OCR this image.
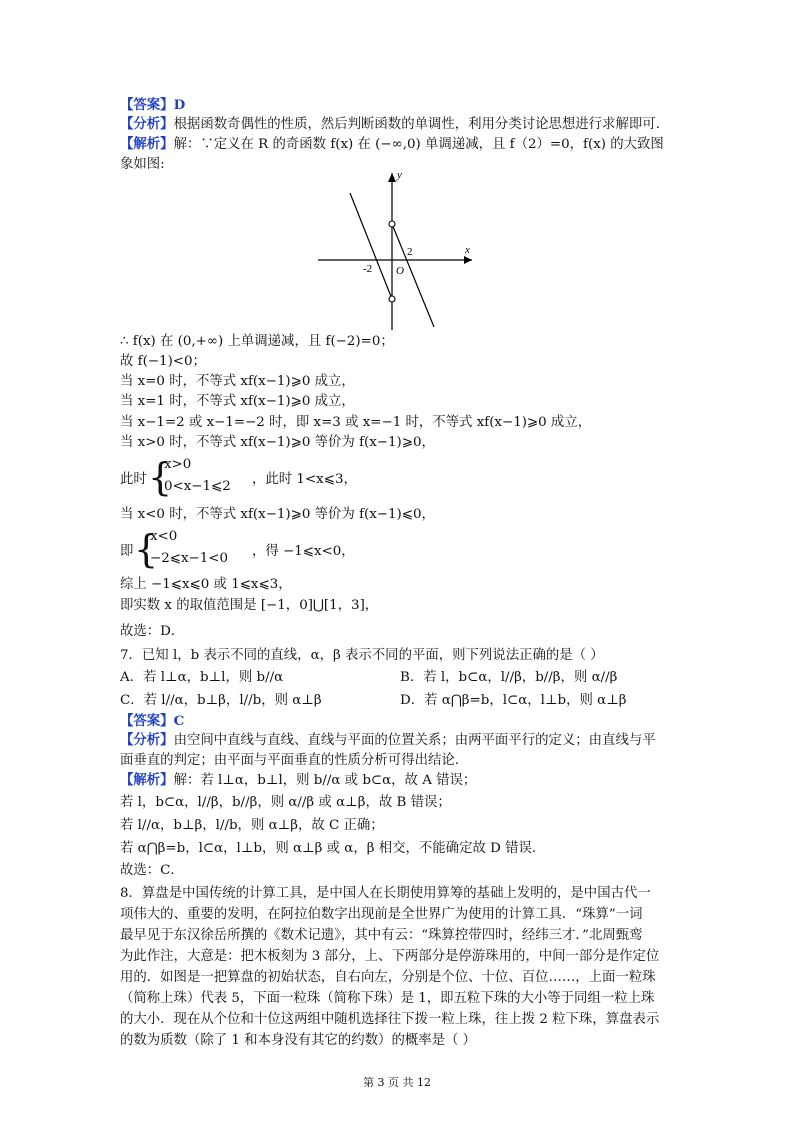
【答案】D
【分析】根据函数奇偶性的性质，然后判断函数的单调性，利用分类讨论思想进行求解即可.
【解析】解：∵定义在 R 的奇函数 f(x) 在 (−∞,0) 单调递减，且 f（2）=0，f(x) 的大致图
象如图:
y
x
O
2
-2
∴ f(x) 在 (0,+∞) 上单调递减，且 f(−2)=0；
故 f(−1)<0；
当 x=0 时，不等式 xf(x−1)⩾0 成立，
当 x=1 时，不等式 xf(x−1)⩾0 成立，
当 x−1=2 或 x−1=−2 时，即 x=3 或 x=−1 时，不等式 xf(x−1)⩾0 成立，
当 x>0 时，不等式 xf(x−1)⩾0 等价为 f(x−1)⩾0，
此时 {
x>0
0<x−1⩽2 ，此时 1<x⩽3，
当 x<0 时，不等式 xf(x−1)⩾0 等价为 f(x−1)⩽0，
即 {
x<0
−2⩽x−1<0 ，得 −1⩽x<0，
综上 −1⩽x⩽0 或 1⩽x⩽3，
即实数 x 的取值范围是 [−1，0]⋃[1，3]，
故选：D．
7．已知 l，b 表示不同的直线，α，β 表示不同的平面，则下列说法正确的是（ ）
A．若 l⊥α，b⊥l，则 b//α	B．若 l，b⊂α，l//β，b//β，则 α//β
C．若 l//α，b⊥β，l//b，则 α⊥β	D．若 α⋂β=b，l⊂α，l⊥b，则 α⊥β
【答案】C
【分析】由空间中直线与直线、直线与平面的位置关系；由两平面平行的定义；由直线与平
面垂直的判定；由平面与平面垂直的性质分析可得出结论.
【解析】解：若 l⊥α，b⊥l，则 b//α 或 b⊂α，故 A 错误；
若 l，b⊂α，l//β，b//β，则 α//β 或 α⊥β，故 B 错误；
若 l//α，b⊥β，l//b，则 α⊥β，故 C 正确；
若 α⋂β=b，l⊂α，l⊥b，则 α⊥β 或 α，β 相交，不能确定故 D 错误.
故选：C．
8．算盘是中国传统的计算工具，是中国人在长期使用算筹的基础上发明的，是中国古代一
项伟大的、重要的发明，在阿拉伯数字出现前是全世界广为使用的计算工具．“珠算”一词
最早见于东汉徐岳所撰的《数术记遗》，其中有云：“珠算控带四时，经纬三才．”北周甄鸾
为此作注，大意是：把木板刻为 3 部分，上、下两部分是停游珠用的，中间一部分是作定位
用的．如图是一把算盘的初始状态，自右向左，分别是个位、十位、百位……，上面一粒珠
（简称上珠）代表 5，下面一粒珠（简称下珠）是 1，即五粒下珠的大小等于同组一粒上珠
的大小．现在从个位和十位这两组中随机选择往下拨一粒上珠，往上拨 2 粒下珠，算盘表示
的数为质数（除了 1 和本身没有其它的约数）的概率是（ ）
第 3 页 共 12
